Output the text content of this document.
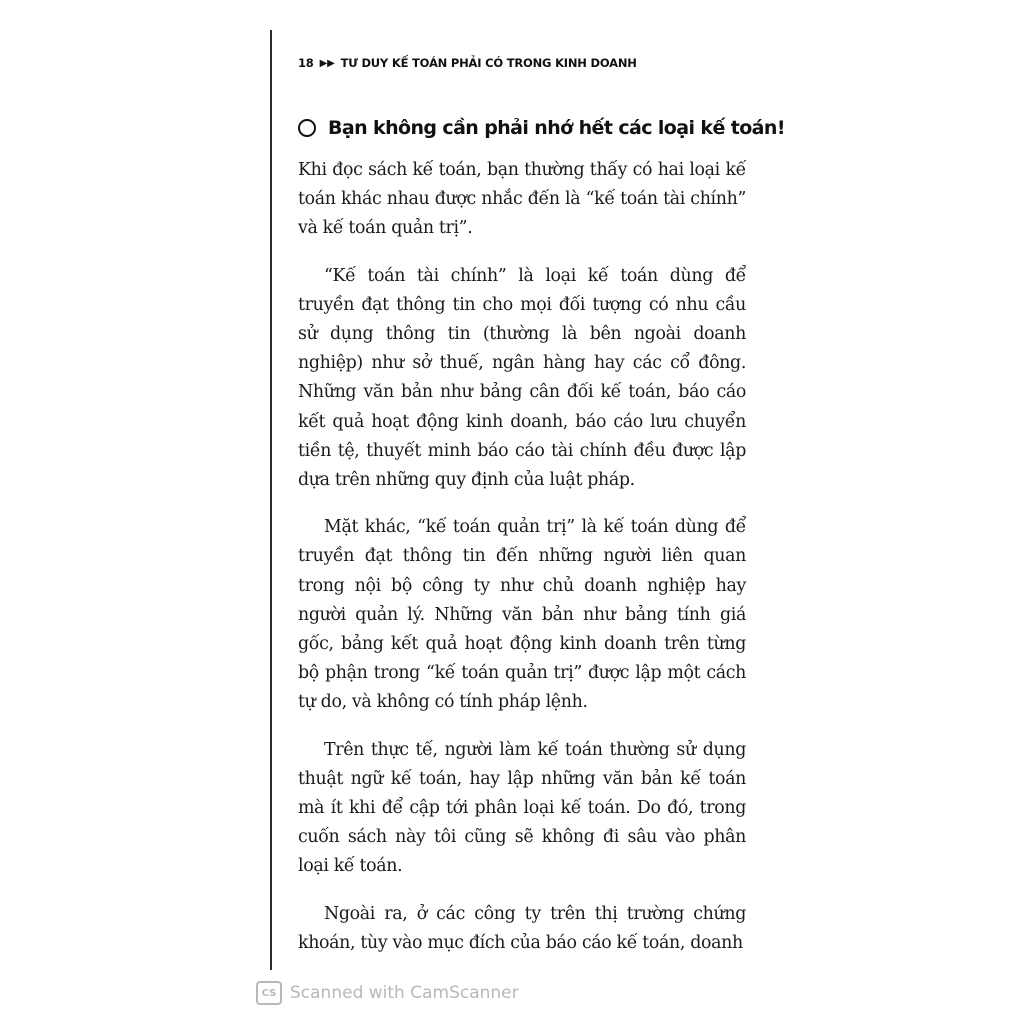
18 ▶▶ TƯ DUY KẾ TOÁN PHẢI CÓ TRONG KINH DOANH
Bạn không cần phải nhớ hết các loại kế toán!

Khi đọc sách kế toán, bạn thường thấy có hai loại kế toán khác nhau được nhắc đến là “kế toán tài chính” và kế toán quản trị”.

“Kế toán tài chính” là loại kế toán dùng để truyền đạt thông tin cho mọi đối tượng có nhu cầu sử dụng thông tin (thường là bên ngoài doanh nghiệp) như sở thuế, ngân hàng hay các cổ đông. Những văn bản như bảng cân đối kế toán, báo cáo kết quả hoạt động kinh doanh, báo cáo lưu chuyển tiền tệ, thuyết minh báo cáo tài chính đều được lập dựa trên những quy định của luật pháp.

Mặt khác, “kế toán quản trị” là kế toán dùng để truyền đạt thông tin đến những người liên quan trong nội bộ công ty như chủ doanh nghiệp hay người quản lý. Những văn bản như bảng tính giá gốc, bảng kết quả hoạt động kinh doanh trên từng bộ phận trong “kế toán quản trị” được lập một cách tự do, và không có tính pháp lệnh.

Trên thực tế, người làm kế toán thường sử dụng thuật ngữ kế toán, hay lập những văn bản kế toán mà ít khi để cập tới phân loại kế toán. Do đó, trong cuốn sách này tôi cũng sẽ không đi sâu vào phân loại kế toán.

Ngoài ra, ở các công ty trên thị trường chứng khoán, tùy vào mục đích của báo cáo kế toán, doanh

CS Scanned with CamScanner
